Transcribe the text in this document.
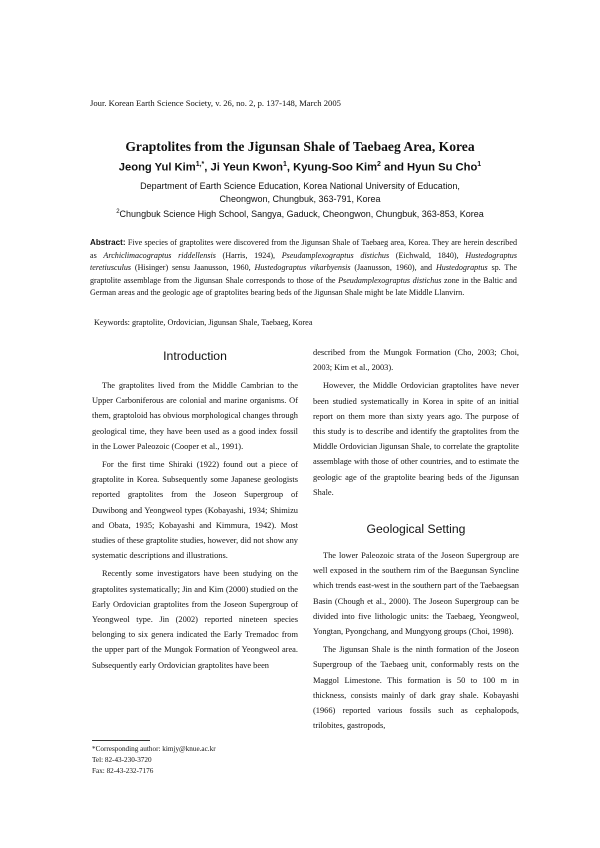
Jour. Korean Earth Science Society, v. 26, no. 2, p. 137-148, March 2005
Graptolites from the Jigunsan Shale of Taebaeg Area, Korea
Jeong Yul Kim$^{1,*}$, Ji Yeun Kwon$^1$, Kyung-Soo Kim$^2$ and Hyun Su Cho$^1$
Department of Earth Science Education, Korea National University of Education,
Cheongwon, Chungbuk, 363-791, Korea
$^2$Chungbuk Science High School, Sangya, Gaduck, Cheongwon, Chungbuk, 363-853, Korea
Abstract: Five species of graptolites were discovered from the Jigunsan Shale of Taebaeg area, Korea. They are herein described as Archiclimacograptus riddellensis (Harris, 1924), Pseudamplexograptus distichus (Eichwald, 1840), Hustedograptus teretiusculus (Hisinger) sensu Jaanusson, 1960, Hustedograptus vikarbyensis (Jaanusson, 1960), and Hustedograptus sp. The graptolite assemblage from the Jigunsan Shale corresponds to those of the Pseudamplexograptus distichus zone in the Baltic and German areas and the geologic age of graptolites bearing beds of the Jigunsan Shale might be late Middle Llanvirn.
Keywords: graptolite, Ordovician, Jigunsan Shale, Taebaeg, Korea
Introduction

The graptolites lived from the Middle Cambrian to the Upper Carboniferous are colonial and marine organisms. Of them, graptoloid has obvious morphological changes through geological time, they have been used as a good index fossil in the Lower Paleozoic (Cooper et al., 1991).

For the first time Shiraki (1922) found out a piece of graptolite in Korea. Subsequently some Japanese geologists reported graptolites from the Joseon Supergroup of Duwibong and Yeongweol types (Kobayashi, 1934; Shimizu and Obata, 1935; Kobayashi and Kimmura, 1942). Most studies of these graptolite studies, however, did not show any systematic descriptions and illustrations.

Recently some investigators have been studying on the graptolites systematically; Jin and Kim (2000) studied on the Early Ordovician graptolites from the Joseon Supergroup of Yeongweol type. Jin (2002) reported nineteen species belonging to six genera indicated the Early Tremadoc from the upper part of the Mungok Formation of Yeongweol area. Subsequently early Ordovician graptolites have been

described from the Mungok Formation (Cho, 2003; Choi, 2003; Kim et al., 2003).

However, the Middle Ordovician graptolites have never been studied systematically in Korea in spite of an initial report on them more than sixty years ago. The purpose of this study is to describe and identify the graptolites from the Middle Ordovician Jigunsan Shale, to correlate the graptolite assemblage with those of other countries, and to estimate the geologic age of the graptolite bearing beds of the Jigunsan Shale.

Geological Setting

The lower Paleozoic strata of the Joseon Supergroup are well exposed in the southern rim of the Baegunsan Syncline which trends east-west in the southern part of the Taebaegsan Basin (Chough et al., 2000). The Joseon Supergroup can be divided into five lithologic units: the Taebaeg, Yeongweol, Yongtan, Pyongchang, and Mungyong groups (Choi, 1998).

The Jigunsan Shale is the ninth formation of the Joseon Supergroup of the Taebaeg unit, conformably rests on the Maggol Limestone. This formation is 50 to 100 m in thickness, consists mainly of dark gray shale. Kobayashi (1966) reported various fossils such as cephalopods, trilobites, gastropods,

*Corresponding author: kimjy@knue.ac.kr
Tel: 82-43-230-3720
Fax: 82-43-232-7176
